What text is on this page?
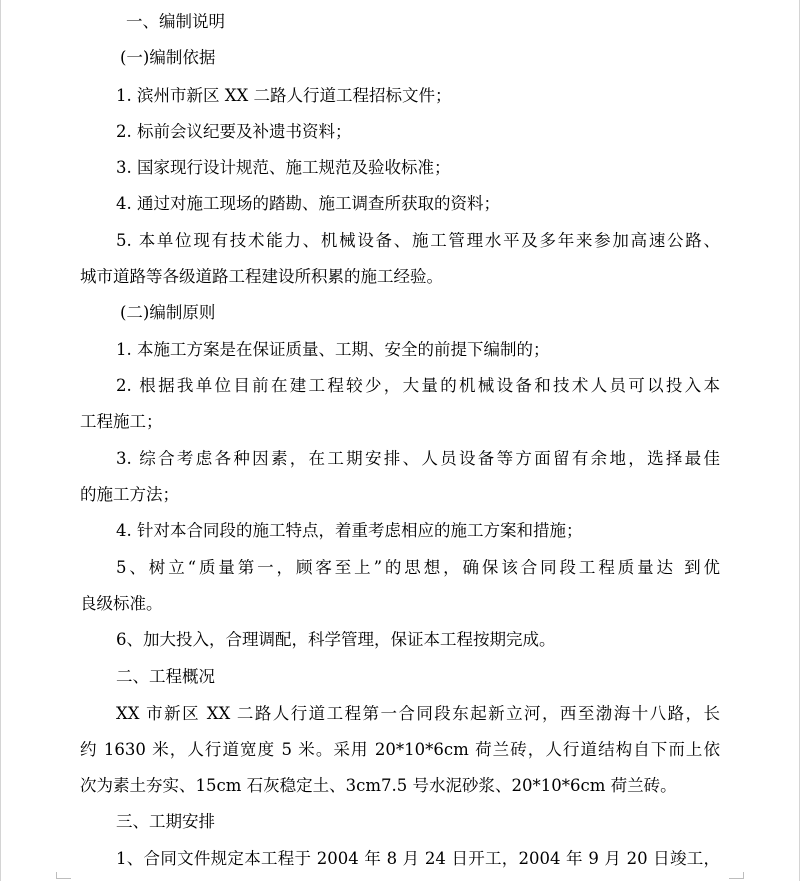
一、编制说明
(一)编制依据
1. 滨州市新区 XX 二路人行道工程招标文件；
2. 标前会议纪要及补遗书资料；
3. 国家现行设计规范、施工规范及验收标准；
4. 通过对施工现场的踏勘、施工调查所获取的资料；
5. 本单位现有技术能力、机械设备、施工管理水平及多年来参加高速公路、
城市道路等各级道路工程建设所积累的施工经验。
(二)编制原则
1. 本施工方案是在保证质量、工期、安全的前提下编制的；
2. 根据我单位目前在建工程较少，大量的机械设备和技术人员可以投入本
工程施工；
3. 综合考虑各种因素，在工期安排、人员设备等方面留有余地，选择最佳
的施工方法；
4. 针对本合同段的施工特点，着重考虑相应的施工方案和措施；
5、树立“质量第一，顾客至上”的思想，确保该合同段工程质量达 到优
良级标准。
6、加大投入，合理调配，科学管理，保证本工程按期完成。
二、工程概况
XX 市新区 XX 二路人行道工程第一合同段东起新立河，西至渤海十八路，长
约 1630 米，人行道宽度 5 米。采用 20*10*6cm 荷兰砖，人行道结构自下而上依
次为素土夯实、15cm 石灰稳定土、3cm7.5 号水泥砂浆、20*10*6cm 荷兰砖。
三、工期安排
1、合同文件规定本工程于 2004 年 8 月 24 日开工，2004 年 9 月 20 日竣工，
